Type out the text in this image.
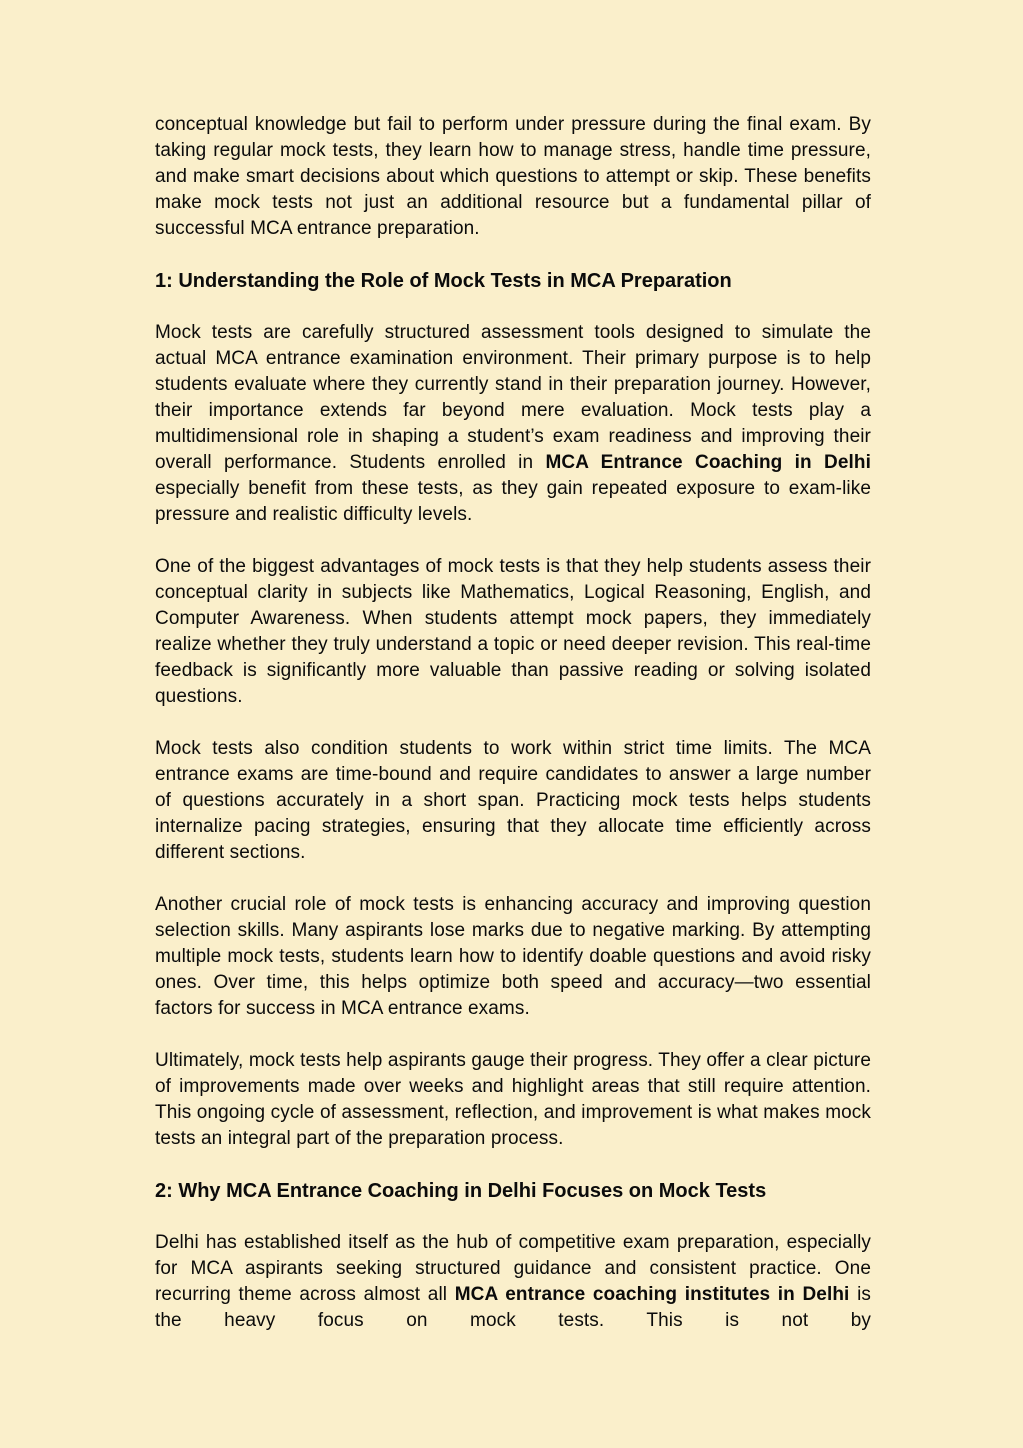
conceptual knowledge but fail to perform under pressure during the final exam. By taking regular mock tests, they learn how to manage stress, handle time pressure, and make smart decisions about which questions to attempt or skip. These benefits make mock tests not just an additional resource but a fundamental pillar of successful MCA entrance preparation.

1: Understanding the Role of Mock Tests in MCA Preparation

Mock tests are carefully structured assessment tools designed to simulate the actual MCA entrance examination environment. Their primary purpose is to help students evaluate where they currently stand in their preparation journey. However, their importance extends far beyond mere evaluation. Mock tests play a multidimensional role in shaping a student’s exam readiness and improving their overall performance. Students enrolled in MCA Entrance Coaching in Delhi especially benefit from these tests, as they gain repeated exposure to exam-like pressure and realistic difficulty levels.

One of the biggest advantages of mock tests is that they help students assess their conceptual clarity in subjects like Mathematics, Logical Reasoning, English, and Computer Awareness. When students attempt mock papers, they immediately realize whether they truly understand a topic or need deeper revision. This real-time feedback is significantly more valuable than passive reading or solving isolated questions.

Mock tests also condition students to work within strict time limits. The MCA entrance exams are time-bound and require candidates to answer a large number of questions accurately in a short span. Practicing mock tests helps students internalize pacing strategies, ensuring that they allocate time efficiently across different sections.

Another crucial role of mock tests is enhancing accuracy and improving question selection skills. Many aspirants lose marks due to negative marking. By attempting multiple mock tests, students learn how to identify doable questions and avoid risky ones. Over time, this helps optimize both speed and accuracy—two essential factors for success in MCA entrance exams.

Ultimately, mock tests help aspirants gauge their progress. They offer a clear picture of improvements made over weeks and highlight areas that still require attention. This ongoing cycle of assessment, reflection, and improvement is what makes mock tests an integral part of the preparation process.

2: Why MCA Entrance Coaching in Delhi Focuses on Mock Tests

Delhi has established itself as the hub of competitive exam preparation, especially for MCA aspirants seeking structured guidance and consistent practice. One recurring theme across almost all MCA entrance coaching institutes in Delhi is the heavy focus on mock tests. This is not by
